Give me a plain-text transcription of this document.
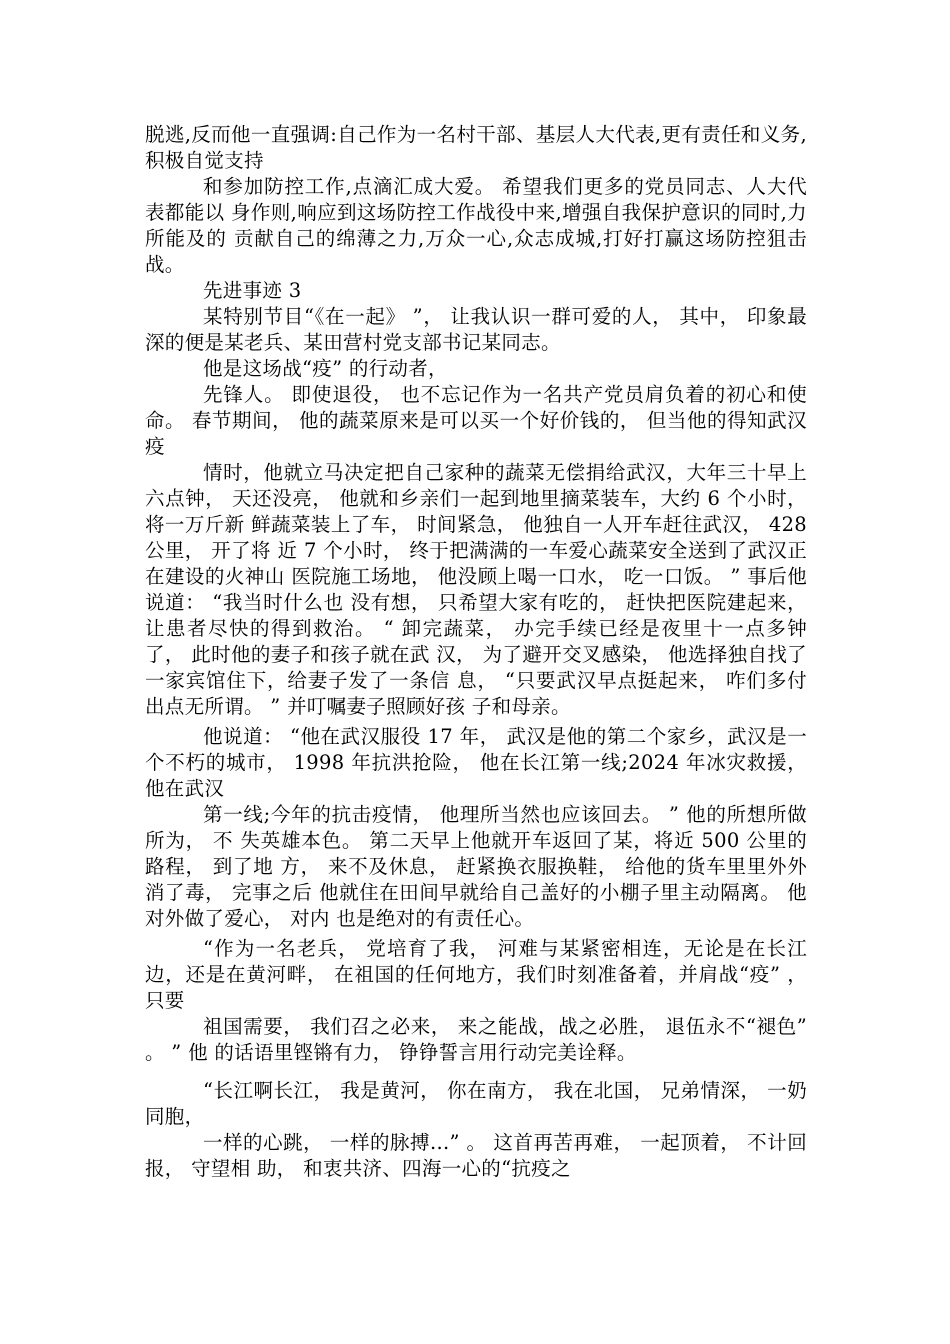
脱逃,反而他一直强调:自己作为一名村干部、基层人大代表,更有责任和义务,积极自觉支持

和参加防控工作,点滴汇成大爱。 希望我们更多的党员同志、人大代表都能以 身作则,响应到这场防控工作战役中来,增强自我保护意识的同时,力所能及的 贡献自己的绵薄之力,万众一心,众志成城,打好打赢这场防控狙击战。

先进事迹 3

某特别节目“《在一起》 ”， 让我认识一群可爱的人， 其中， 印象最深的便是某老兵、某田营村党支部书记某同志。

他是这场战“疫” 的行动者，

先锋人。 即使退役， 也不忘记作为一名共产党员肩负着的初心和使命。 春节期间， 他的蔬菜原来是可以买一个好价钱的， 但当他的得知武汉疫

情时，他就立马决定把自己家种的蔬菜无偿捐给武汉，大年三十早上六点钟， 天还没亮， 他就和乡亲们一起到地里摘菜装车，大约 6 个小时， 将一万斤新 鲜蔬菜装上了车， 时间紧急， 他独自一人开车赶往武汉， 428 公里， 开了将 近 7 个小时， 终于把满满的一车爱心蔬菜安全送到了武汉正在建设的火神山 医院施工场地， 他没顾上喝一口水， 吃一口饭。 ” 事后他说道： “我当时什么也 没有想， 只希望大家有吃的， 赶快把医院建起来， 让患者尽快的得到救治。 “ 卸完蔬菜， 办完手续已经是夜里十一点多钟了， 此时他的妻子和孩子就在武 汉， 为了避开交叉感染， 他选择独自找了一家宾馆住下，给妻子发了一条信 息， “只要武汉早点挺起来， 咋们多付出点无所谓。 ” 并叮嘱妻子照顾好孩 子和母亲。

他说道： “他在武汉服役 17 年， 武汉是他的第二个家乡，武汉是一个不朽的城市， 1998 年抗洪抢险， 他在长江第一线;2024 年冰灾救援， 他在武汉

第一线;今年的抗击疫情， 他理所当然也应该回去。 ” 他的所想所做所为， 不 失英雄本色。 第二天早上他就开车返回了某，将近 500 公里的路程， 到了地 方， 来不及休息， 赶紧换衣服换鞋， 给他的货车里里外外消了毒， 完事之后 他就住在田间早就给自己盖好的小棚子里主动隔离。 他对外做了爱心， 对内 也是绝对的有责任心。

“作为一名老兵， 党培育了我， 河难与某紧密相连，无论是在长江边，还是在黄河畔， 在祖国的任何地方，我们时刻准备着，并肩战“疫” ， 只要

祖国需要， 我们召之必来， 来之能战，战之必胜， 退伍永不“褪色” 。 ” 他 的话语里铿锵有力， 铮铮誓言用行动完美诠释。

“长江啊长江， 我是黄河， 你在南方， 我在北国， 兄弟情深， 一奶同胞，

一样的心跳， 一样的脉搏...” 。 这首再苦再难， 一起顶着， 不计回报， 守望相 助， 和衷共济、四海一心的“抗疫之
